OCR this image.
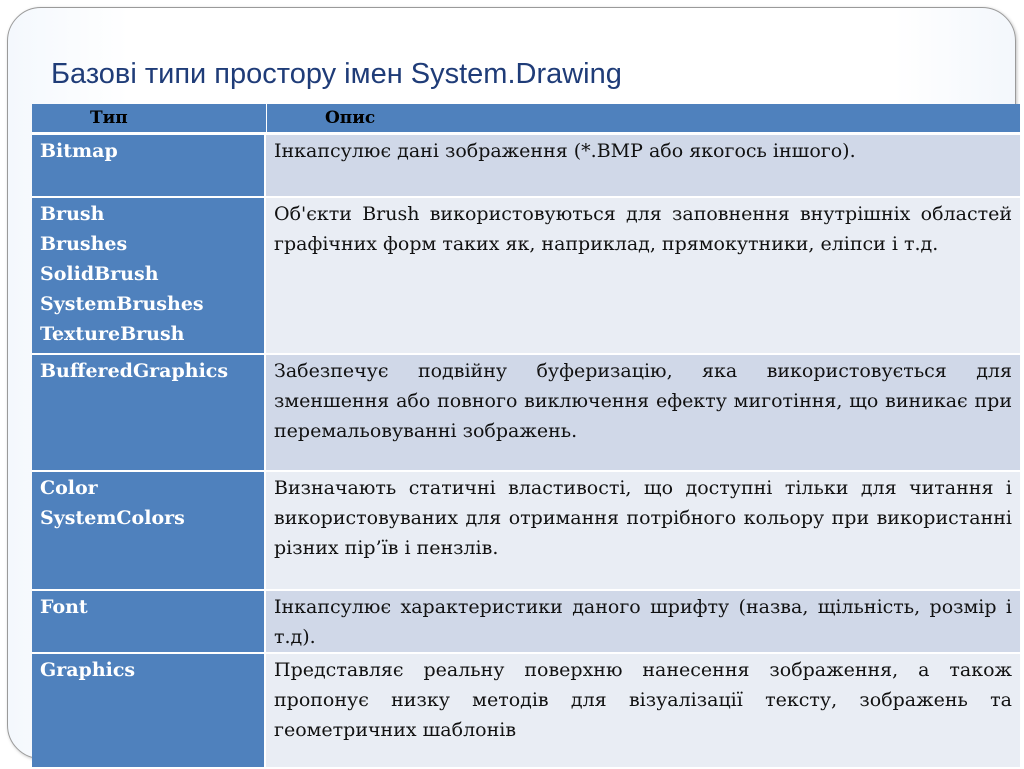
Базові типи простору імен System.Drawing
Тип	Опис

Bitmap	Інкапсулює дані зображення (*.BMP або якогось іншого).

Brush
Brushes
SolidBrush
SystemBrushes
TextureBrush	Об'єкти Brush використовуються для заповнення внутрішніх областей графічних форм таких як, наприклад, прямокутники, еліпси і т.д.

BufferedGraphics	Забезпечує подвійну буферизацію, яка використовується для зменшення або повного виключення ефекту миготіння, що виникає при перемальовуванні зображень.

Color
SystemColors	Визначають статичні властивості, що доступні тільки для читання і використовуваних для отримання потрібного кольору при використанні різних пір’їв і пензлів.

Font	Інкапсулює характеристики даного шрифту (назва, щільність, розмір і т.д).

Graphics	Представляє реальну поверхню нанесення зображення, а також пропонує низку методів для візуалізації тексту, зображень та геометричних шаблонів
